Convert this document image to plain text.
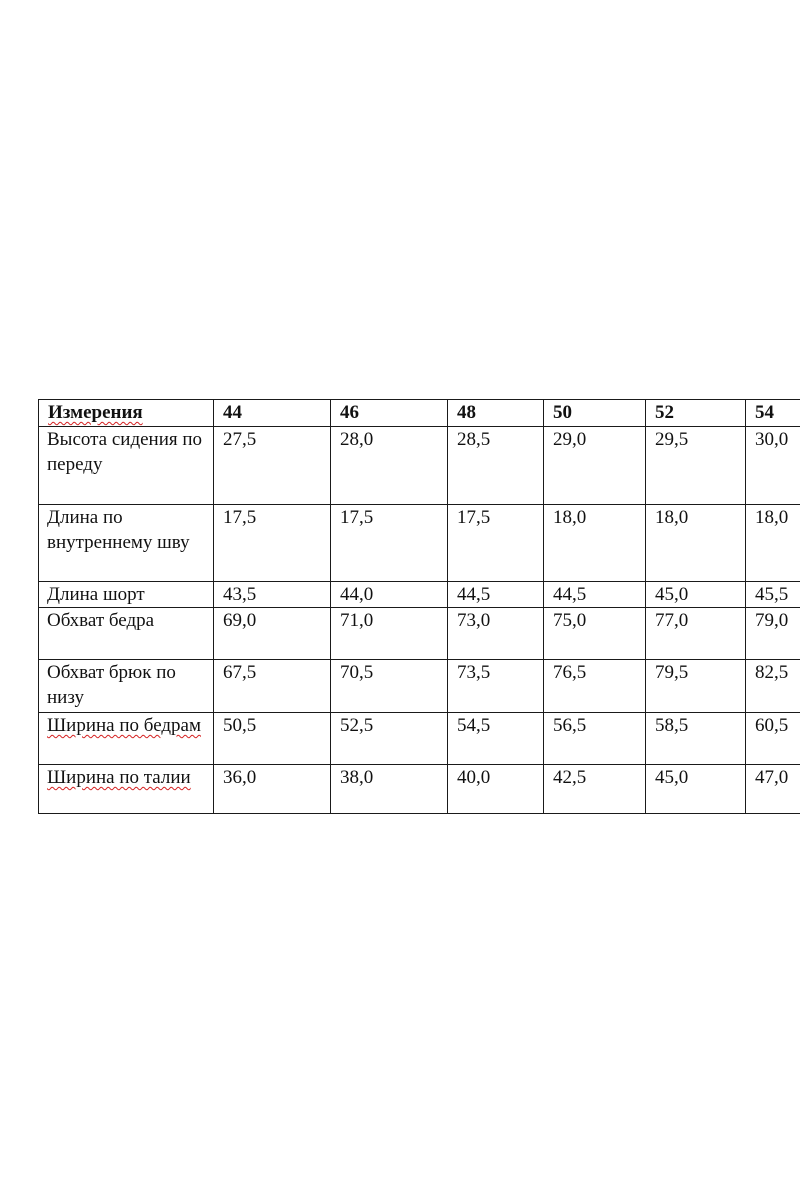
Измерения	44	46	48	50	52	54
Высота сидения по переду	27,5	28,0	28,5	29,0	29,5	30,0
Длина по внутреннему шву	17,5	17,5	17,5	18,0	18,0	18,0
Длина шорт	43,5	44,0	44,5	44,5	45,0	45,5
Обхват бедра	69,0	71,0	73,0	75,0	77,0	79,0
Обхват брюк по низу	67,5	70,5	73,5	76,5	79,5	82,5
Ширина по бедрам	50,5	52,5	54,5	56,5	58,5	60,5
Ширина по талии	36,0	38,0	40,0	42,5	45,0	47,0
